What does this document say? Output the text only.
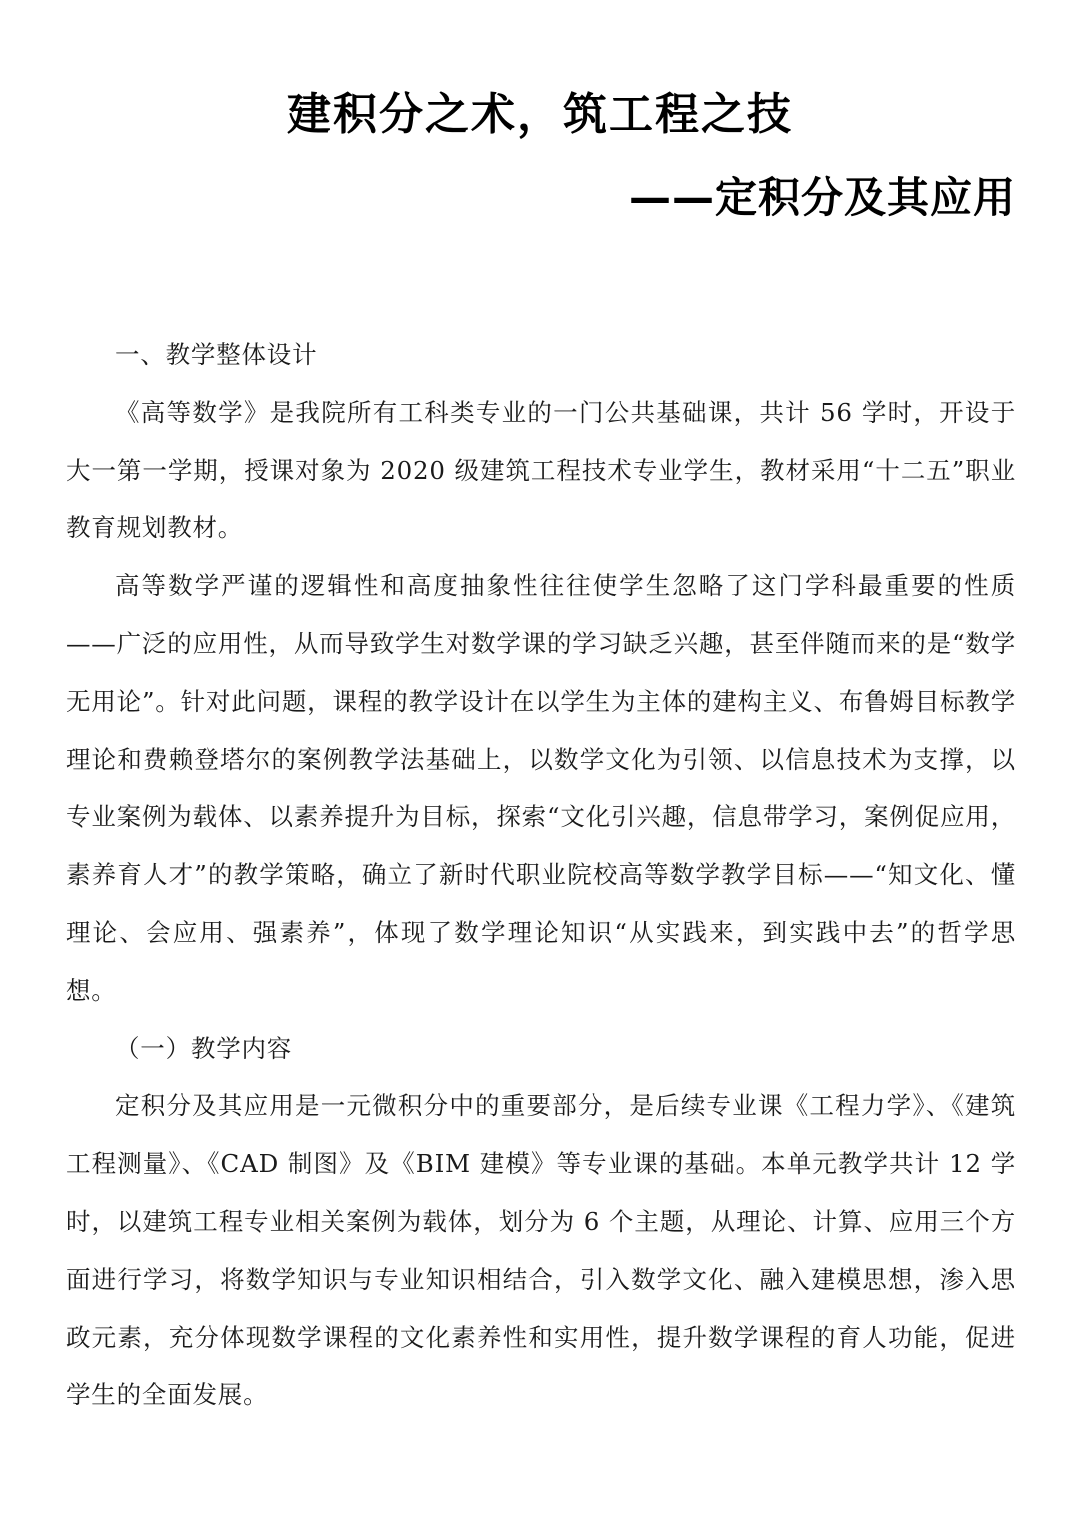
建积分之术，筑工程之技
——定积分及其应用
一、教学整体设计

《高等数学》是我院所有工科类专业的一门公共基础课，共计 56 学时，开设于大一第一学期，授课对象为 2020 级建筑工程技术专业学生，教材采用“十二五”职业教育规划教材。

高等数学严谨的逻辑性和高度抽象性往往使学生忽略了这门学科最重要的性质——广泛的应用性，从而导致学生对数学课的学习缺乏兴趣，甚至伴随而来的是“数学无用论”。针对此问题，课程的教学设计在以学生为主体的建构主义、布鲁姆目标教学理论和费赖登塔尔的案例教学法基础上，以数学文化为引领、以信息技术为支撑，以专业案例为载体、以素养提升为目标，探索“文化引兴趣，信息带学习，案例促应用，素养育人才”的教学策略，确立了新时代职业院校高等数学教学目标——“知文化、懂理论、会应用、强素养”，体现了数学理论知识“从实践来，到实践中去”的哲学思想。

（一）教学内容

定积分及其应用是一元微积分中的重要部分，是后续专业课《工程力学》、《建筑工程测量》、《CAD 制图》及《BIM 建模》等专业课的基础。本单元教学共计 12 学时，以建筑工程专业相关案例为载体，划分为 6 个主题，从理论、计算、应用三个方面进行学习，将数学知识与专业知识相结合，引入数学文化、融入建模思想，渗入思政元素，充分体现数学课程的文化素养性和实用性，提升数学课程的育人功能，促进学生的全面发展。
